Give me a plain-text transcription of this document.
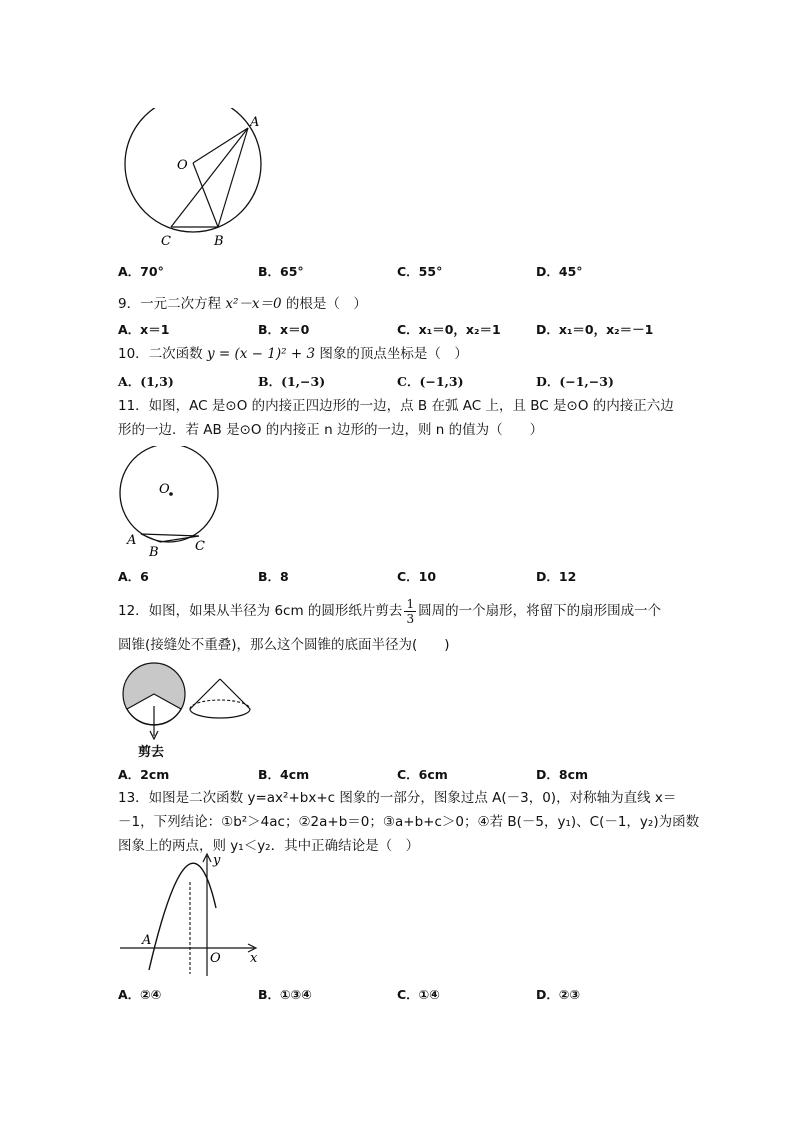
A
O
C	B
A．70°	B．65°	C．55°	D．45°
9．一元二次方程 x²－x＝0 的根是（　）
A．x＝1	B．x＝0	C．x₁＝0，x₂＝1	D．x₁＝0，x₂＝－1
10．二次函数 y = (x − 1)² + 3 图象的顶点坐标是（　）
A．(1,3)	B．(1,−3)	C．(−1,3)	D．(−1,−3)
11．如图，AC 是⊙O 的内接正四边形的一边，点 B 在弧 AC 上，且 BC 是⊙O 的内接正六边
形的一边．若 AB 是⊙O 的内接正 n 边形的一边，则 n 的值为（　　）
O
A
B	C
A．6	B．8	C．10	D．12
12．如图，如果从半径为 6cm 的圆形纸片剪去 $\frac{1}{3}$ 圆周的一个扇形，将留下的扇形围成一个
圆锥(接缝处不重叠)，那么这个圆锥的底面半径为(　　)
剪去
A．2cm	B．4cm	C．6cm	D．8cm
13．如图是二次函数 y=ax²+bx+c 图象的一部分，图象过点 A(－3，0)，对称轴为直线 x＝
－1，下列结论：①b²＞4ac；②2a+b＝0；③a+b+c＞0；④若 B(－5，y₁)、C(－1，y₂)为函数
图象上的两点，则 y₁＜y₂．其中正确结论是（　）
y
x
A
O
A．②④	B．①③④	C．①④	D．②③
